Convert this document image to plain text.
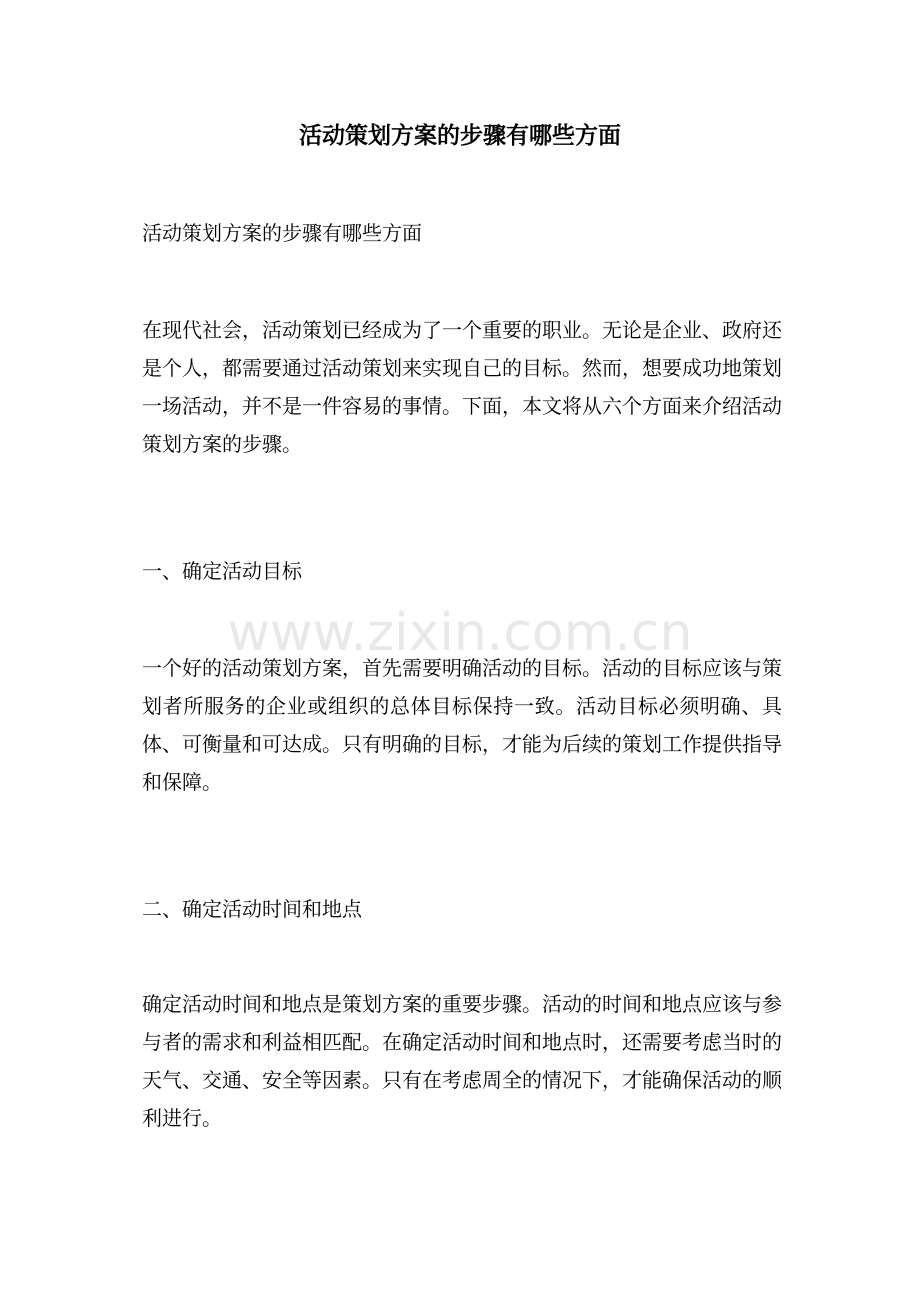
活动策划方案的步骤有哪些方面

活动策划方案的步骤有哪些方面

在现代社会，活动策划已经成为了一个重要的职业。无论是企业、政府还是个人，都需要通过活动策划来实现自己的目标。然而，想要成功地策划一场活动，并不是一件容易的事情。下面，本文将从六个方面来介绍活动策划方案的步骤。

一、确定活动目标

www.zixin.com.cn

一个好的活动策划方案，首先需要明确活动的目标。活动的目标应该与策划者所服务的企业或组织的总体目标保持一致。活动目标必须明确、具体、可衡量和可达成。只有明确的目标，才能为后续的策划工作提供指导和保障。

二、确定活动时间和地点

确定活动时间和地点是策划方案的重要步骤。活动的时间和地点应该与参与者的需求和利益相匹配。在确定活动时间和地点时，还需要考虑当时的天气、交通、安全等因素。只有在考虑周全的情况下，才能确保活动的顺利进行。
